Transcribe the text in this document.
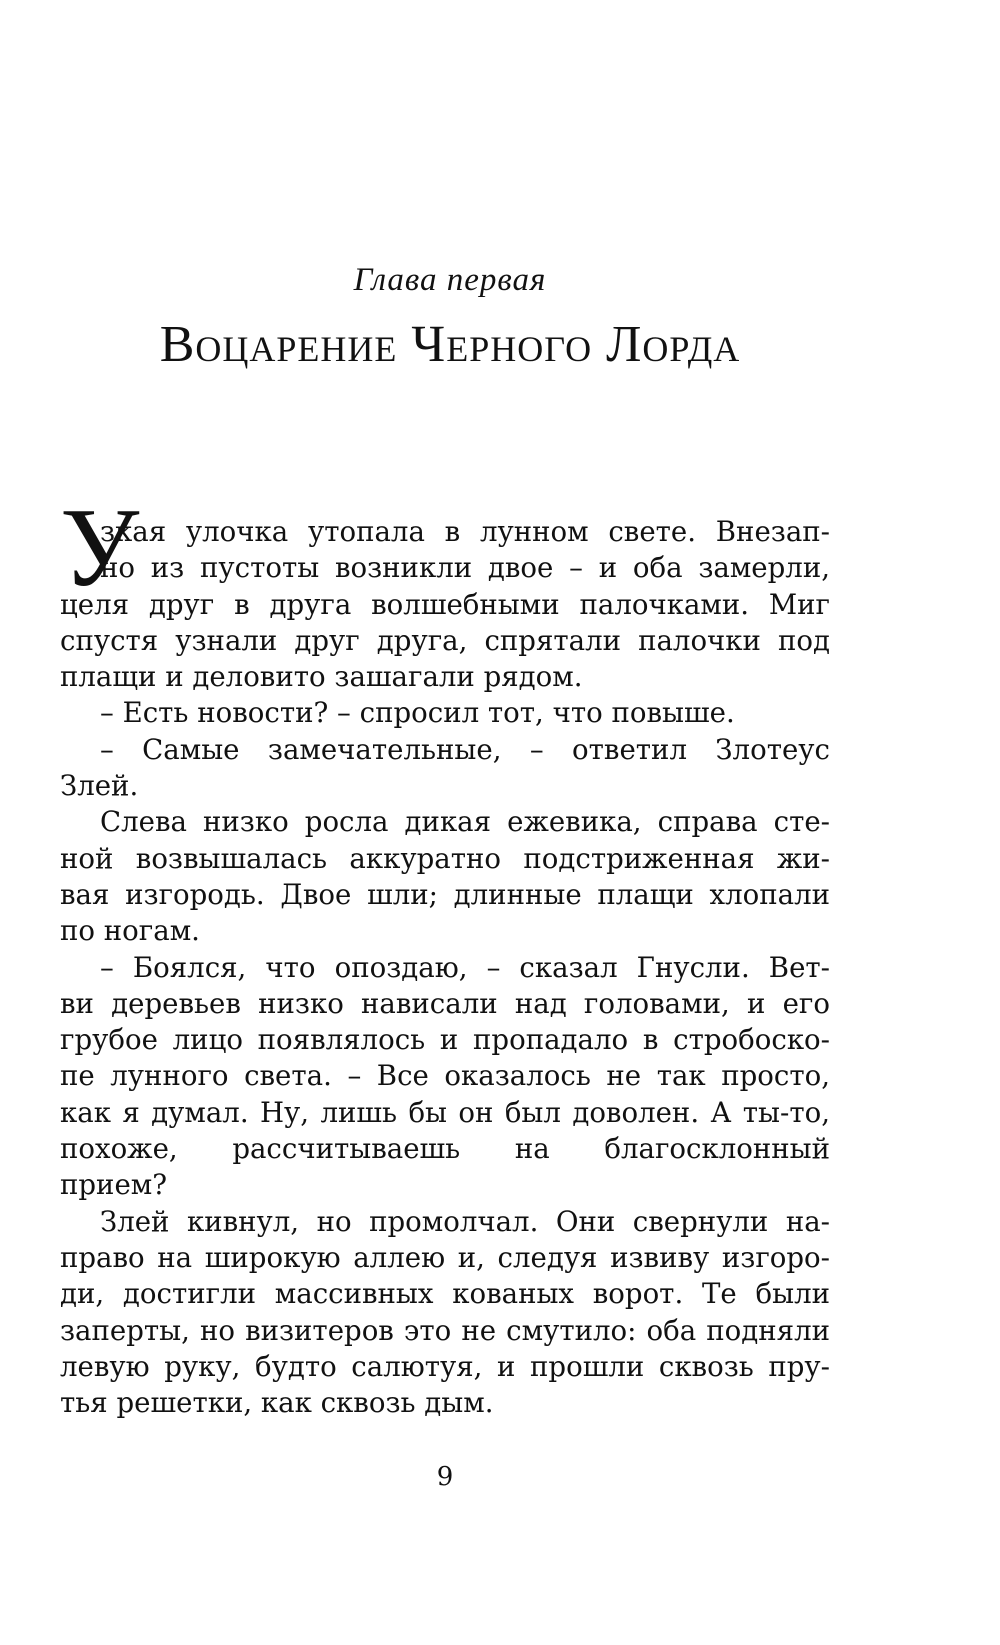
Глава первая
Воцарение Черного Лорда
У
зкая улочка утопала в лунном свете. Внезап-
но из пустоты возникли двое – и оба замерли,
целя друг в друга волшебными палочками. Миг
спустя узнали друг друга, спрятали палочки под
плащи и деловито зашагали рядом.
– Есть новости? – спросил тот, что повыше.
– Самые замечательные, – ответил Злотеус
Злей.
Слева низко росла дикая ежевика, справа сте-
ной возвышалась аккуратно подстриженная жи-
вая изгородь. Двое шли; длинные плащи хлопали
по ногам.
– Боялся, что опоздаю, – сказал Гнусли. Вет-
ви деревьев низко нависали над головами, и его
грубое лицо появлялось и пропадало в стробоско-
пе лунного света. – Все оказалось не так просто,
как я думал. Ну, лишь бы он был доволен. А ты-то,
похоже, рассчитываешь на благосклонный
прием?
Злей кивнул, но промолчал. Они свернули на-
право на широкую аллею и, следуя извиву изгоро-
ди, достигли массивных кованых ворот. Те были
заперты, но визитеров это не смутило: оба подняли
левую руку, будто салютуя, и прошли сквозь пру-
тья решетки, как сквозь дым.
9
